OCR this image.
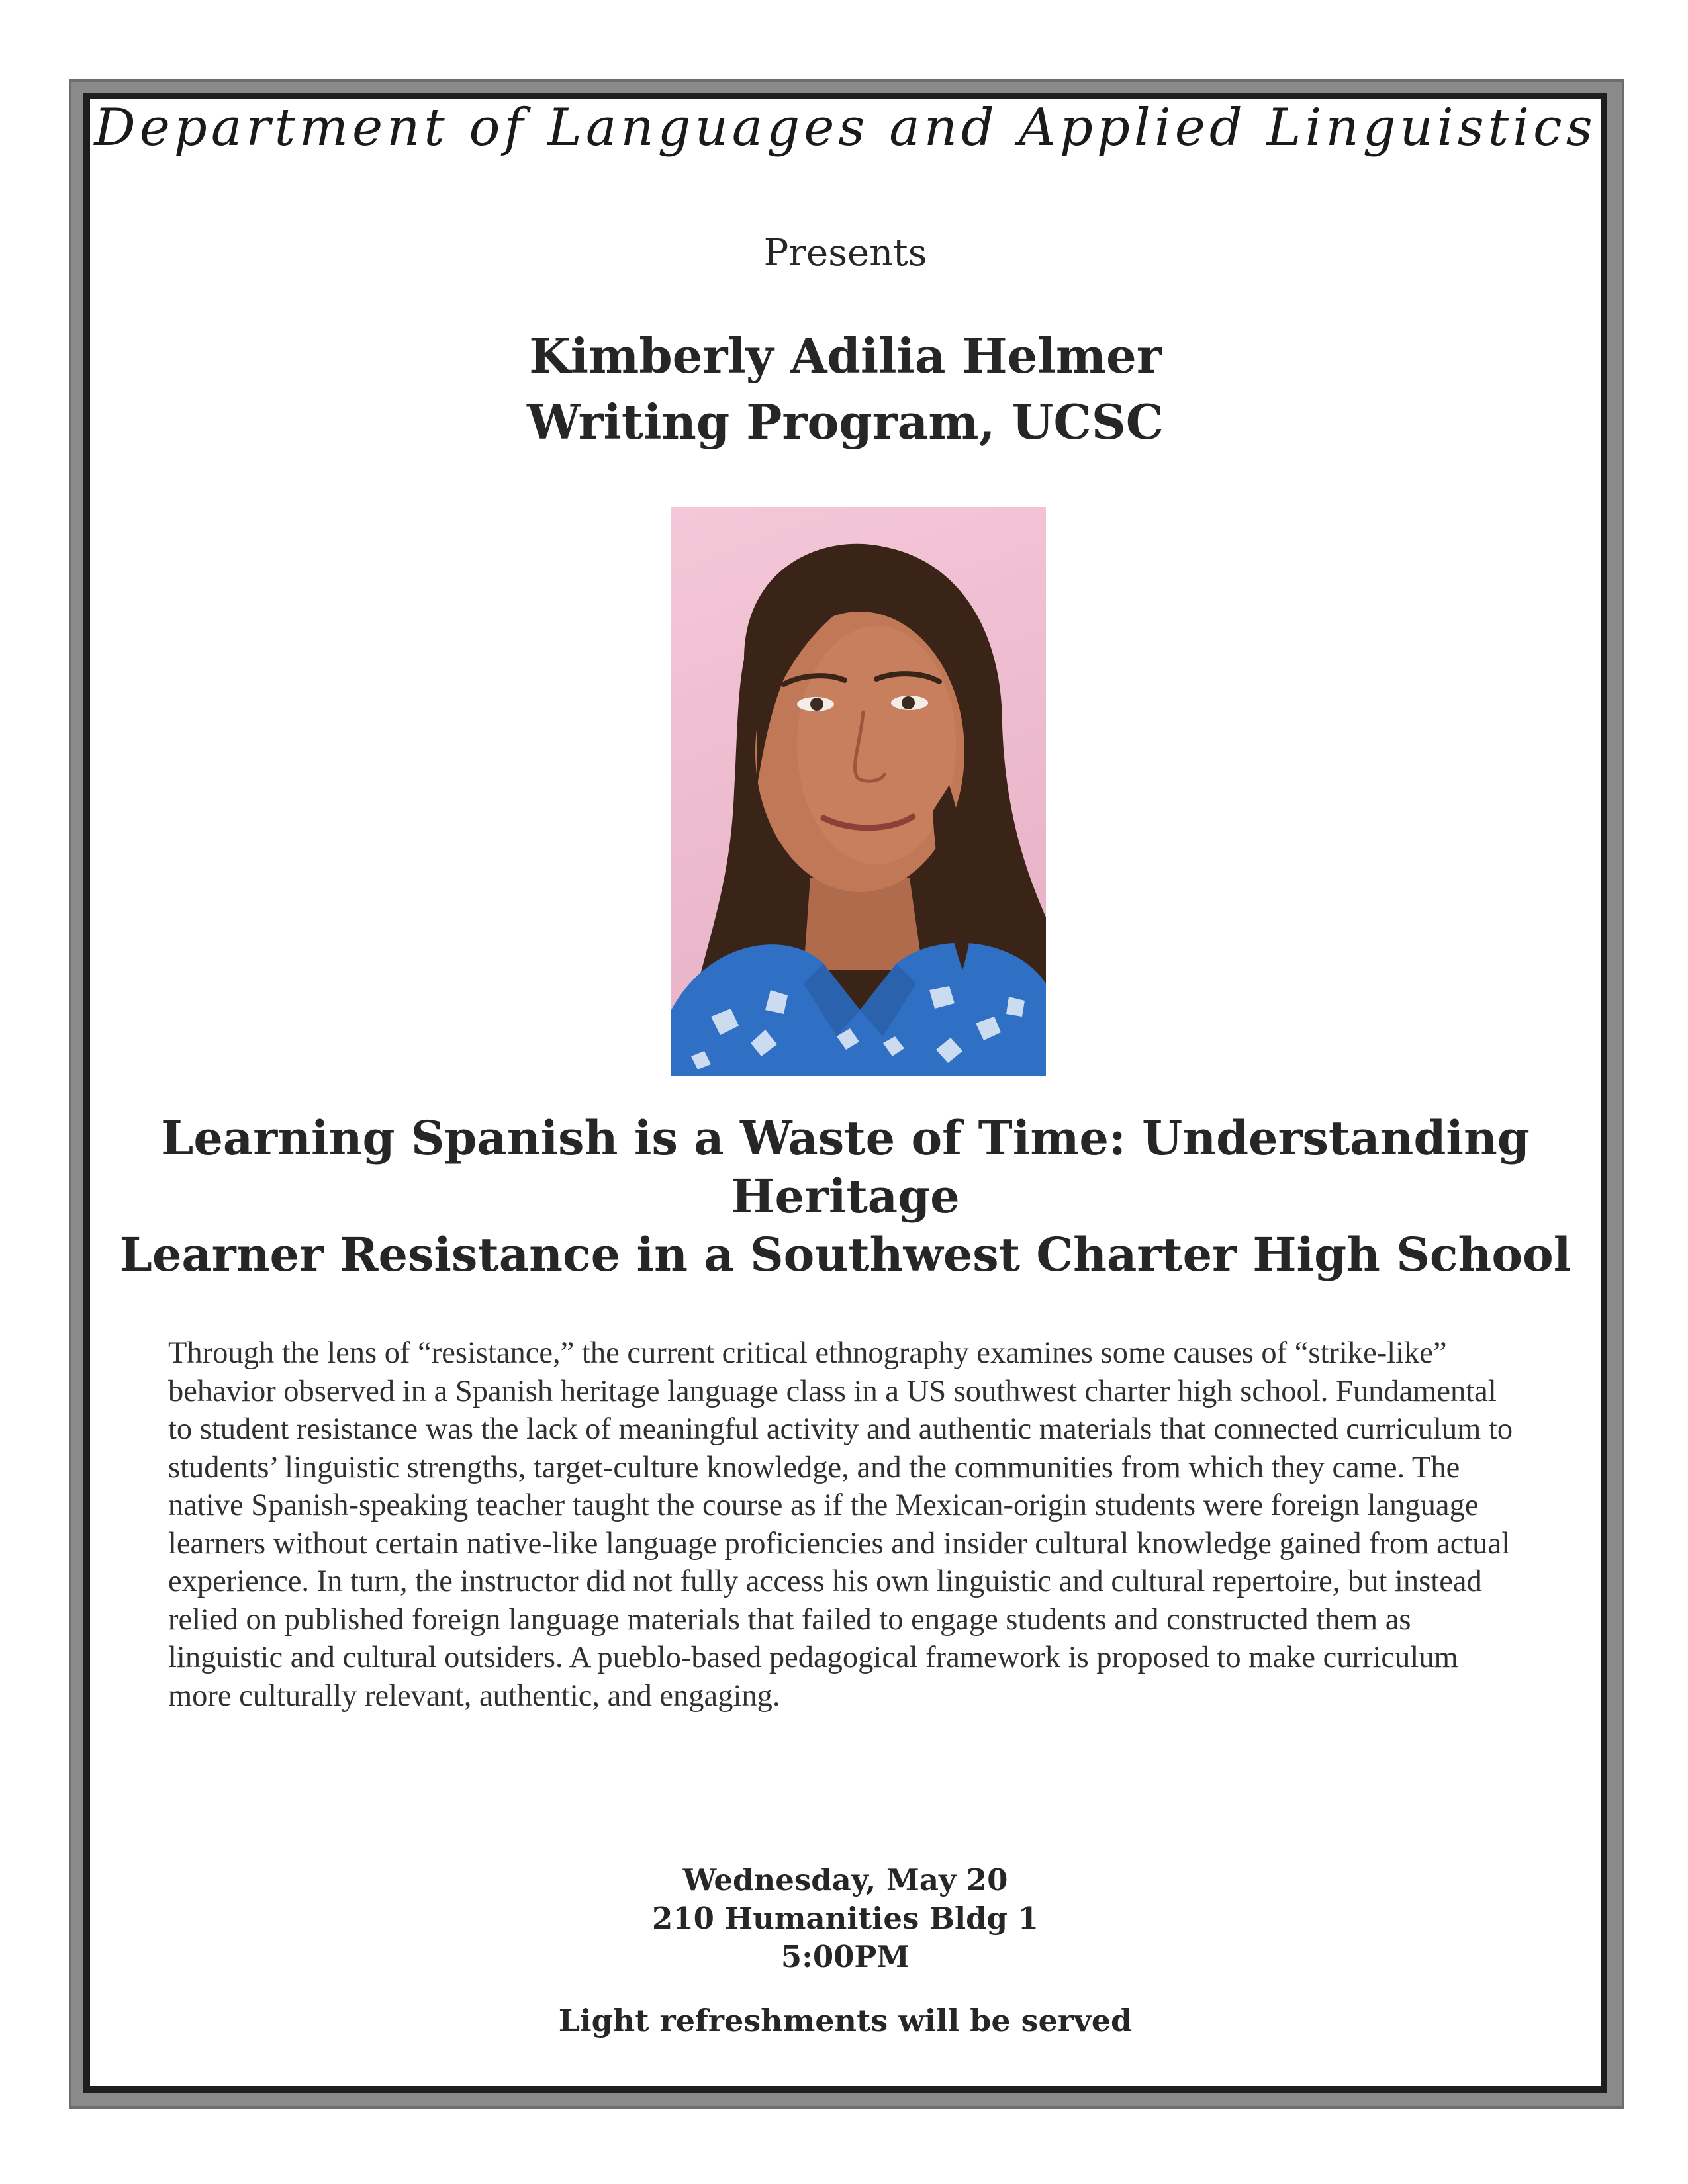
Department of Languages and Applied Linguistics
Presents
Kimberly Adilia Helmer
Writing Program, UCSC
Learning Spanish is a Waste of Time: Understanding Heritage
Learner Resistance in a Southwest Charter High School
Through the lens of “resistance,” the current critical ethnography examines some causes of “strike-like” behavior observed in a Spanish heritage language class in a US southwest charter high school. Fundamental to student resistance was the lack of meaningful activity and authentic materials that connected curriculum to students’ linguistic strengths, target-culture knowledge, and the communities from which they came. The native Spanish-speaking teacher taught the course as if the Mexican-origin students were foreign language learners without certain native-like language proficiencies and insider cultural knowledge gained from actual experience. In turn, the instructor did not fully access his own linguistic and cultural repertoire, but instead relied on published foreign language materials that failed to engage students and constructed them as linguistic and cultural outsiders. A pueblo-based pedagogical framework is proposed to make curriculum more culturally relevant, authentic, and engaging.
Wednesday, May 20
210 Humanities Bldg 1
5:00PM
Light refreshments will be served
